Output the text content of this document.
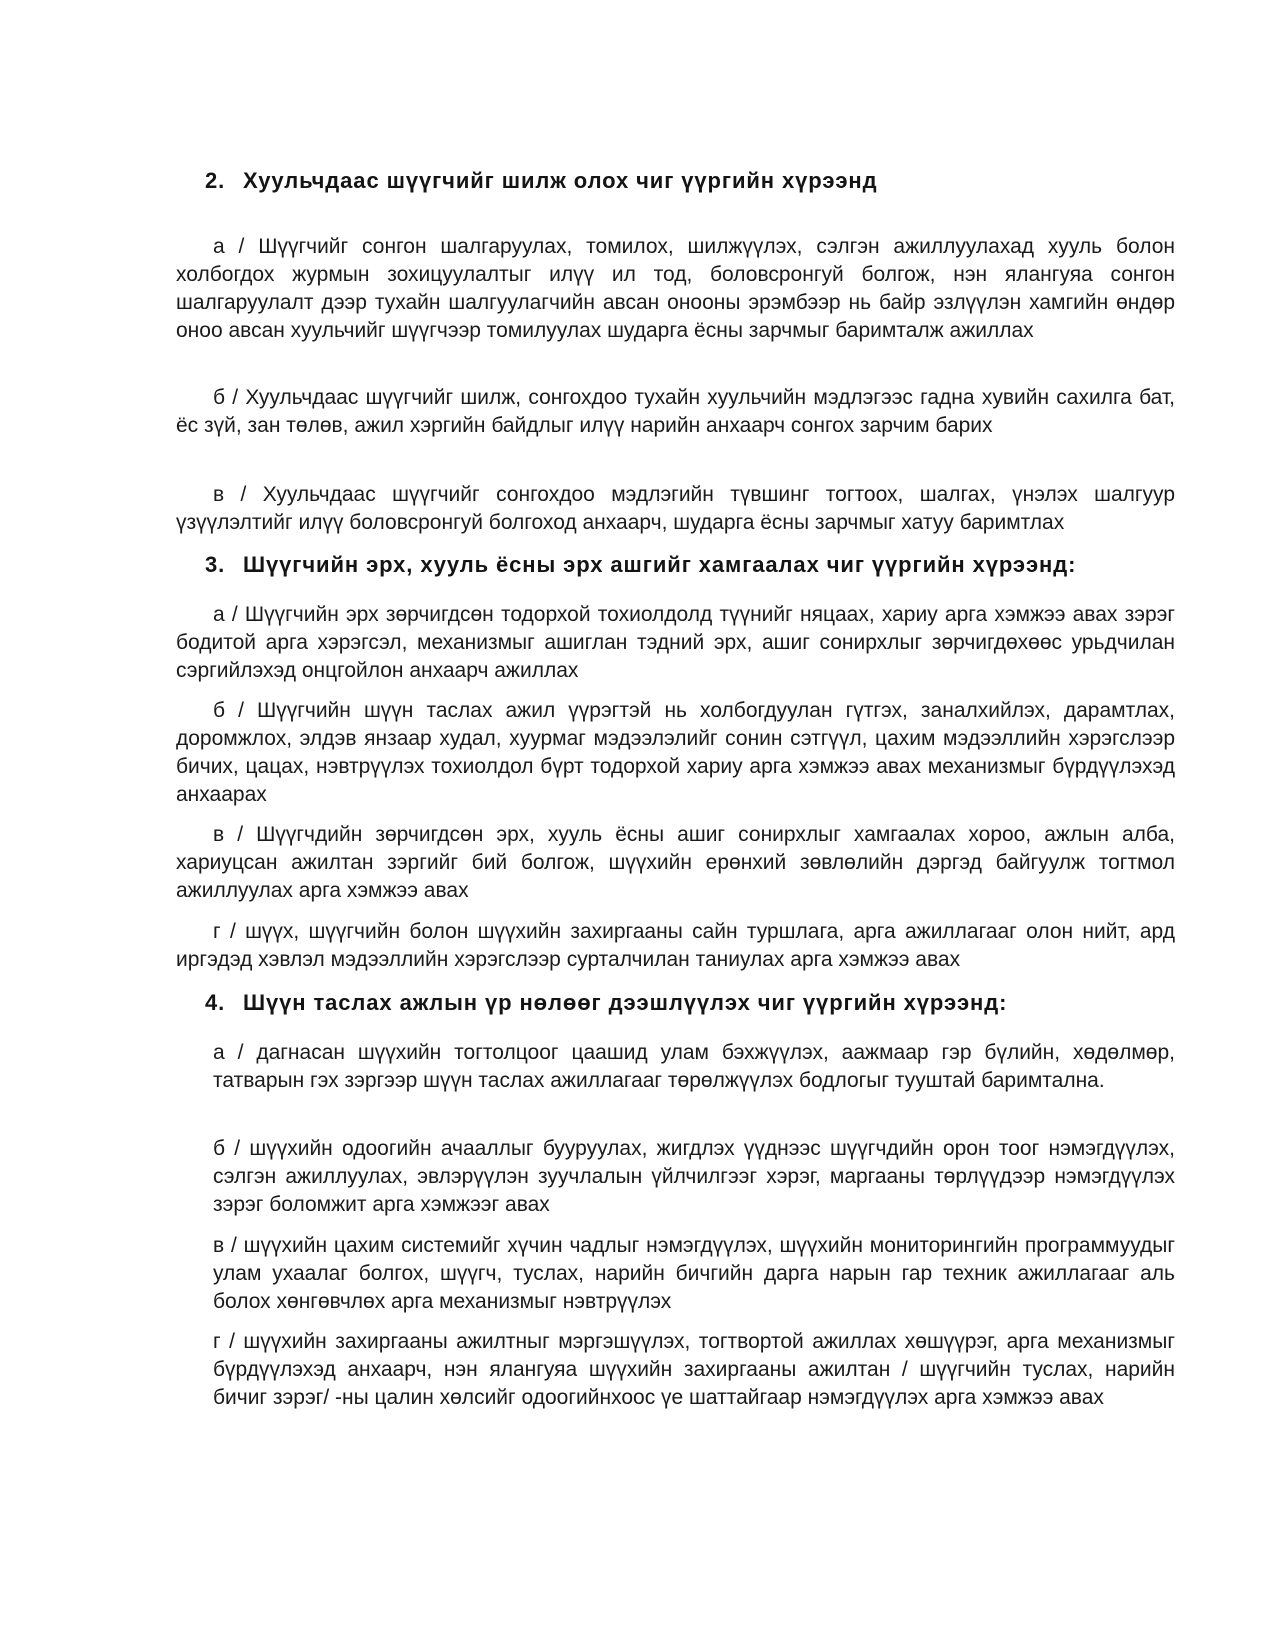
2. Хуульчдаас шүүгчийг шилж олох чиг үүргийн хүрээнд

а / Шүүгчийг сонгон шалгаруулах, томилох, шилжүүлэх, сэлгэн ажиллуулахад хууль болон холбогдох журмын зохицуулалтыг илүү ил тод, боловсронгуй болгож, нэн ялангуяа сонгон шалгаруулалт дээр тухайн шалгуулагчийн авсан онооны эрэмбээр нь байр эзлүүлэн хамгийн өндөр оноо авсан хуульчийг шүүгчээр томилуулах шударга ёсны зарчмыг баримталж ажиллах

б / Хуульчдаас шүүгчийг шилж, сонгохдоо тухайн хуульчийн мэдлэгээс гадна хувийн сахилга бат, ёс зүй, зан төлөв, ажил хэргийн байдлыг илүү нарийн анхаарч сонгох зарчим барих

в / Хуульчдаас шүүгчийг сонгохдоо мэдлэгийн түвшинг тогтоох, шалгах, үнэлэх шалгуур үзүүлэлтийг илүү боловсронгуй болгоход анхаарч, шударга ёсны зарчмыг хатуу баримтлах

3. Шүүгчийн эрх, хууль ёсны эрх ашгийг хамгаалах чиг үүргийн хүрээнд:

а / Шүүгчийн эрх зөрчигдсөн тодорхой тохиолдолд түүнийг няцаах, хариу арга хэмжээ авах зэрэг бодитой арга хэрэгсэл, механизмыг ашиглан тэдний эрх, ашиг сонирхлыг зөрчигдөхөөс урьдчилан сэргийлэхэд онцгойлон анхаарч ажиллах

б / Шүүгчийн шүүн таслах ажил үүрэгтэй нь холбогдуулан гүтгэх, заналхийлэх, дарамтлах, доромжлох, элдэв янзаар худал, хуурмаг мэдээлэлийг сонин сэтгүүл, цахим мэдээллийн хэрэгслээр бичих, цацах, нэвтрүүлэх тохиолдол бүрт тодорхой хариу арга хэмжээ авах механизмыг бүрдүүлэхэд анхаарах

в / Шүүгчдийн зөрчигдсөн эрх, хууль ёсны ашиг сонирхлыг хамгаалах хороо, ажлын алба, хариуцсан ажилтан зэргийг бий болгож, шүүхийн ерөнхий зөвлөлийн дэргэд байгуулж тогтмол ажиллуулах арга хэмжээ авах

г / шүүх, шүүгчийн болон шүүхийн захиргааны сайн туршлага, арга ажиллагааг олон нийт, ард иргэдэд хэвлэл мэдээллийн хэрэгслээр сурталчилан таниулах арга хэмжээ авах

4. Шүүн таслах ажлын үр нөлөөг дээшлүүлэх чиг үүргийн хүрээнд:

а / дагнасан шүүхийн тогтолцоог цаашид улам бэхжүүлэх, аажмаар гэр бүлийн, хөдөлмөр, татварын гэх зэргээр шүүн таслах ажиллагааг төрөлжүүлэх бодлогыг тууштай баримтална.

б / шүүхийн одоогийн ачааллыг бууруулах, жигдлэх үүднээс шүүгчдийн орон тоог нэмэгдүүлэх, сэлгэн ажиллуулах, эвлэрүүлэн зуучлалын үйлчилгээг хэрэг, маргааны төрлүүдээр нэмэгдүүлэх зэрэг боломжит арга хэмжээг авах

в / шүүхийн цахим системийг хүчин чадлыг нэмэгдүүлэх, шүүхийн мониторингийн программуудыг улам ухаалаг болгох, шүүгч, туслах, нарийн бичгийн дарга нарын гар техник ажиллагааг аль болох хөнгөвчлөх арга механизмыг нэвтрүүлэх

г / шүүхийн захиргааны ажилтныг мэргэшүүлэх, тогтвортой ажиллах хөшүүрэг, арга механизмыг бүрдүүлэхэд анхаарч, нэн ялангуяа шүүхийн захиргааны ажилтан / шүүгчийн туслах, нарийн бичиг зэрэг/ -ны цалин хөлсийг одоогийнхоос үе шаттайгаар нэмэгдүүлэх арга хэмжээ авах
